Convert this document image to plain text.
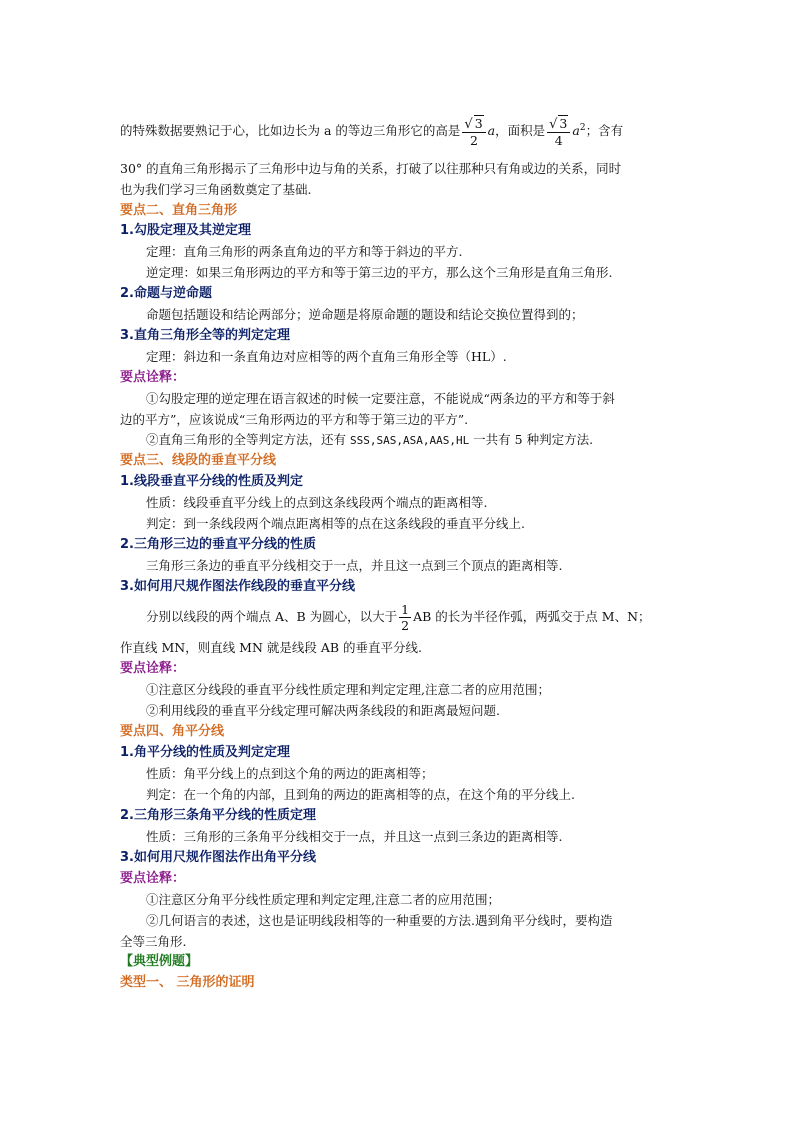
的特殊数据要熟记于心，比如边长为 a 的等边三角形它的高是 $\frac{√ 3}{2}$ a，面积是 $\frac{√ 3}{4} a^2$；含有
30° 的直角三角形揭示了三角形中边与角的关系，打破了以往那种只有角或边的关系，同时
也为我们学习三角函数奠定了基础.
要点二、直角三角形
1.勾股定理及其逆定理
定理：直角三角形的两条直角边的平方和等于斜边的平方.
逆定理：如果三角形两边的平方和等于第三边的平方，那么这个三角形是直角三角形.
2.命题与逆命题
命题包括题设和结论两部分；逆命题是将原命题的题设和结论交换位置得到的；
3.直角三角形全等的判定定理
定理：斜边和一条直角边对应相等的两个直角三角形全等（HL）.
要点诠释：
①勾股定理的逆定理在语言叙述的时候一定要注意，不能说成“两条边的平方和等于斜
边的平方”，应该说成“三角形两边的平方和等于第三边的平方”.
②直角三角形的全等判定方法，还有 SSS,SAS,ASA,AAS,HL 一共有 5 种判定方法.
要点三、线段的垂直平分线
1.线段垂直平分线的性质及判定
性质：线段垂直平分线上的点到这条线段两个端点的距离相等.
判定：到一条线段两个端点距离相等的点在这条线段的垂直平分线上.
2.三角形三边的垂直平分线的性质
三角形三条边的垂直平分线相交于一点，并且这一点到三个顶点的距离相等.
3.如何用尺规作图法作线段的垂直平分线
分别以线段的两个端点 A、B 为圆心，以大于 $\frac{1}{2}$ AB 的长为半径作弧，两弧交于点 M、N；
作直线 MN，则直线 MN 就是线段 AB 的垂直平分线.
要点诠释：
①注意区分线段的垂直平分线性质定理和判定定理,注意二者的应用范围；
②利用线段的垂直平分线定理可解决两条线段的和距离最短问题.
要点四、角平分线
1.角平分线的性质及判定定理
性质：角平分线上的点到这个角的两边的距离相等；
判定：在一个角的内部，且到角的两边的距离相等的点，在这个角的平分线上.
2.三角形三条角平分线的性质定理
性质：三角形的三条角平分线相交于一点，并且这一点到三条边的距离相等.
3.如何用尺规作图法作出角平分线
要点诠释：
①注意区分角平分线性质定理和判定定理,注意二者的应用范围；
②几何语言的表述，这也是证明线段相等的一种重要的方法.遇到角平分线时，要构造
全等三角形.
【典型例题】
类型一、 三角形的证明
